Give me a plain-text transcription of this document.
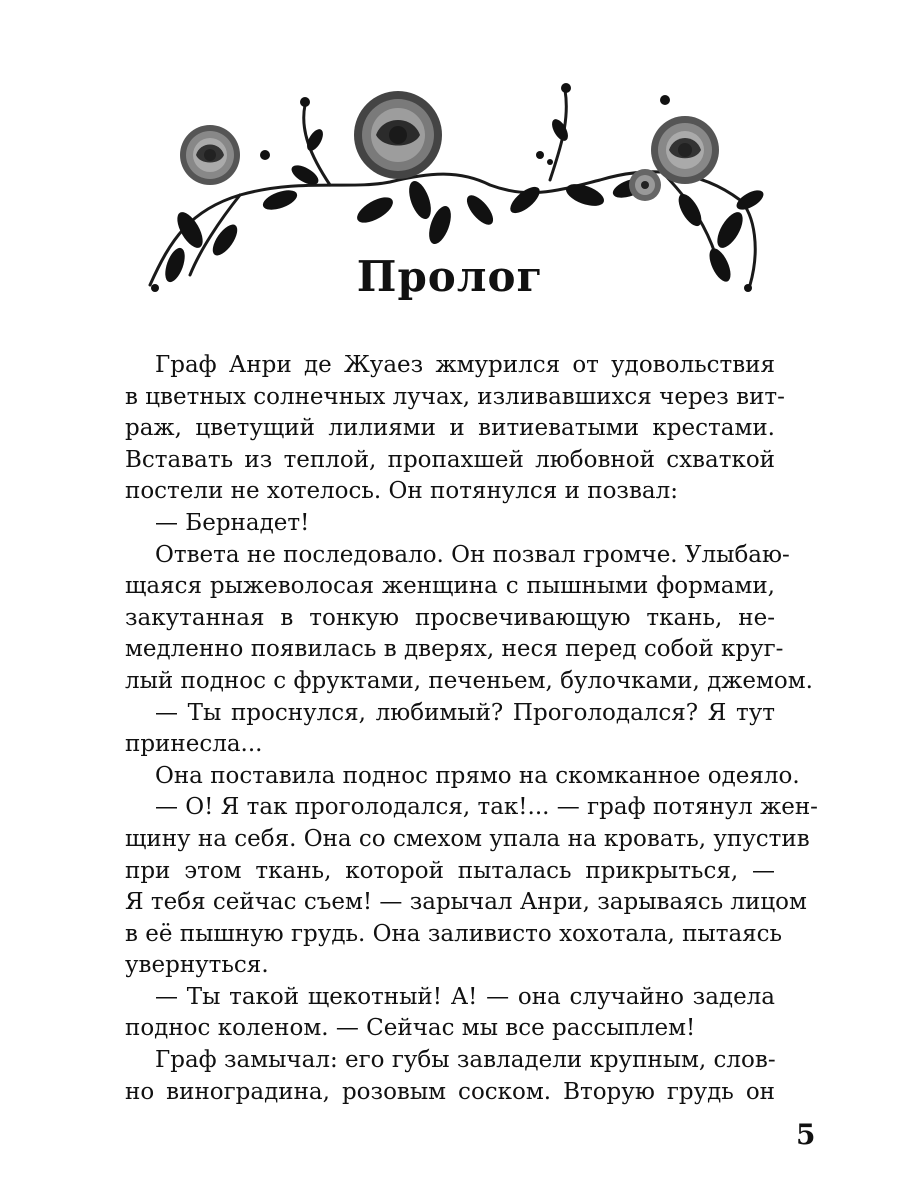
Пролог
Граф Анри де Жуаез жмурился от удовольствия
в цветных солнечных лучах, изливавшихся через вит-
раж, цветущий лилиями и витиеватыми крестами.
Вставать из теплой, пропахшей любовной схваткой
постели не хотелось. Он потянулся и позвал:
— Бернадет!
Ответа не последовало. Он позвал громче. Улыбаю-
щаяся рыжеволосая женщина с пышными формами,
закутанная в тонкую просвечивающую ткань, не-
медленно появилась в дверях, неся перед собой круг-
лый поднос с фруктами, печеньем, булочками, джемом.
— Ты проснулся, любимый? Проголодался? Я тут
принесла...
Она поставила поднос прямо на скомканное одеяло.
— О! Я так проголодался, так!... — граф потянул жен-
щину на себя. Она со смехом упала на кровать, упустив
при этом ткань, которой пыталась прикрыться, —
Я тебя сейчас съем! — зарычал Анри, зарываясь лицом
в её пышную грудь. Она заливисто хохотала, пытаясь
увернуться.
— Ты такой щекотный! А! — она случайно задела
поднос коленом. — Сейчас мы все рассыплем!
Граф замычал: его губы завладели крупным, слов-
но виноградина, розовым соском. Вторую грудь он
5
